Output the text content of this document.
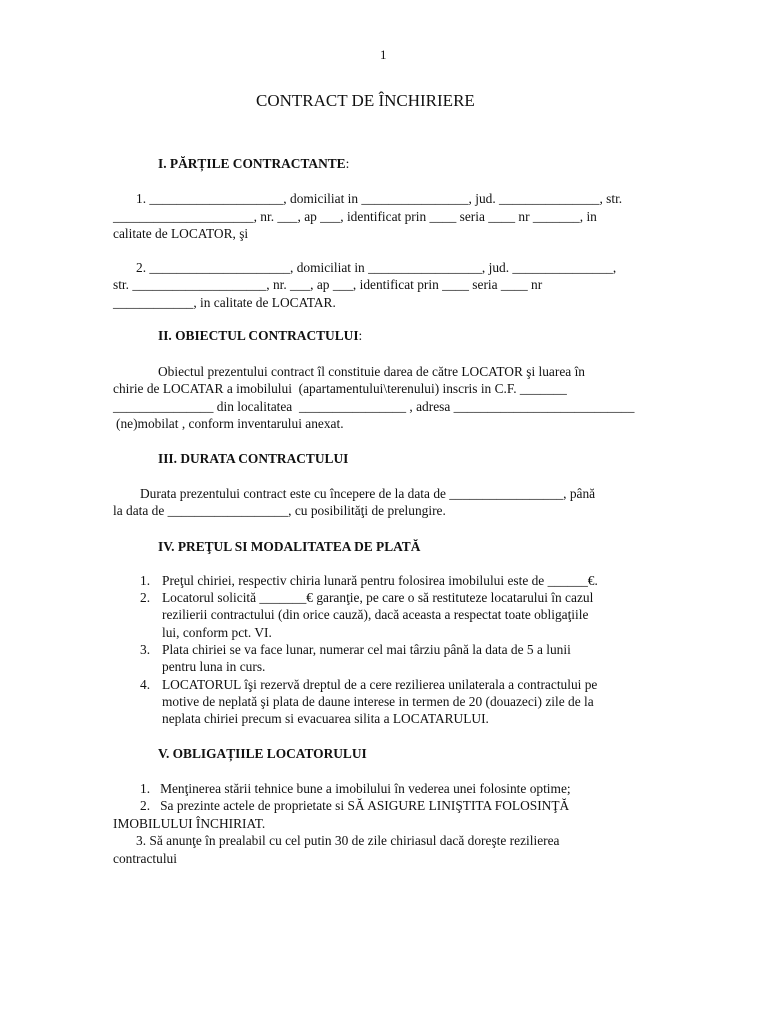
1
CONTRACT DE ÎNCHIRIERE
I. PĂRȚILE CONTRACTANTE:
1. ____________________, domiciliat in ________________, jud. _______________, str.
_____________________, nr. ___, ap ___, identificat prin ____ seria ____ nr _______, in
calitate de LOCATOR, şi
2. _____________________, domiciliat in _________________, jud. _______________,
str. ____________________, nr. ___, ap ___, identificat prin ____ seria ____ nr
____________, in calitate de LOCATAR.
II. OBIECTUL CONTRACTULUI:
Obiectul prezentului contract îl constituie darea de către LOCATOR şi luarea în
chirie de LOCATAR a imobilului  (apartamentului\terenului) inscris in C.F. _______
_______________ din localitatea  ________________ , adresa ___________________________
(ne)mobilat , conform inventarului anexat.
III. DURATA CONTRACTULUI
Durata prezentului contract este cu începere de la data de _________________, până
la data de __________________, cu posibilităţi de prelungire.
IV. PREŢUL SI MODALITATEA DE PLATĂ
1. Preţul chiriei, respectiv chiria lunară pentru folosirea imobilului este de ______€.
2. Locatorul solicită _______€ garanţie, pe care o să restituteze locatarului în cazul
rezilierii contractului (din orice cauză), dacă aceasta a respectat toate obligaţiile
lui, conform pct. VI.
3. Plata chiriei se va face lunar, numerar cel mai târziu până la data de 5 a lunii
pentru luna in curs.
4. LOCATORUL îşi rezervă dreptul de a cere rezilierea unilaterala a contractului pe
motive de neplată şi plata de daune interese in termen de 20 (douazeci) zile de la
neplata chiriei precum si evacuarea silita a LOCATARULUI.
V. OBLIGAȚIILE LOCATORULUI
1.   Menţinerea stării tehnice bune a imobilului în vederea unei folosinte optime;
2.   Sa prezinte actele de proprietate si SĂ ASIGURE LINIŞTITA FOLOSINŢĂ
IMOBILULUI ÎNCHIRIAT.
3. Să anunţe în prealabil cu cel putin 30 de zile chiriasul dacă doreşte rezilierea
contractului
